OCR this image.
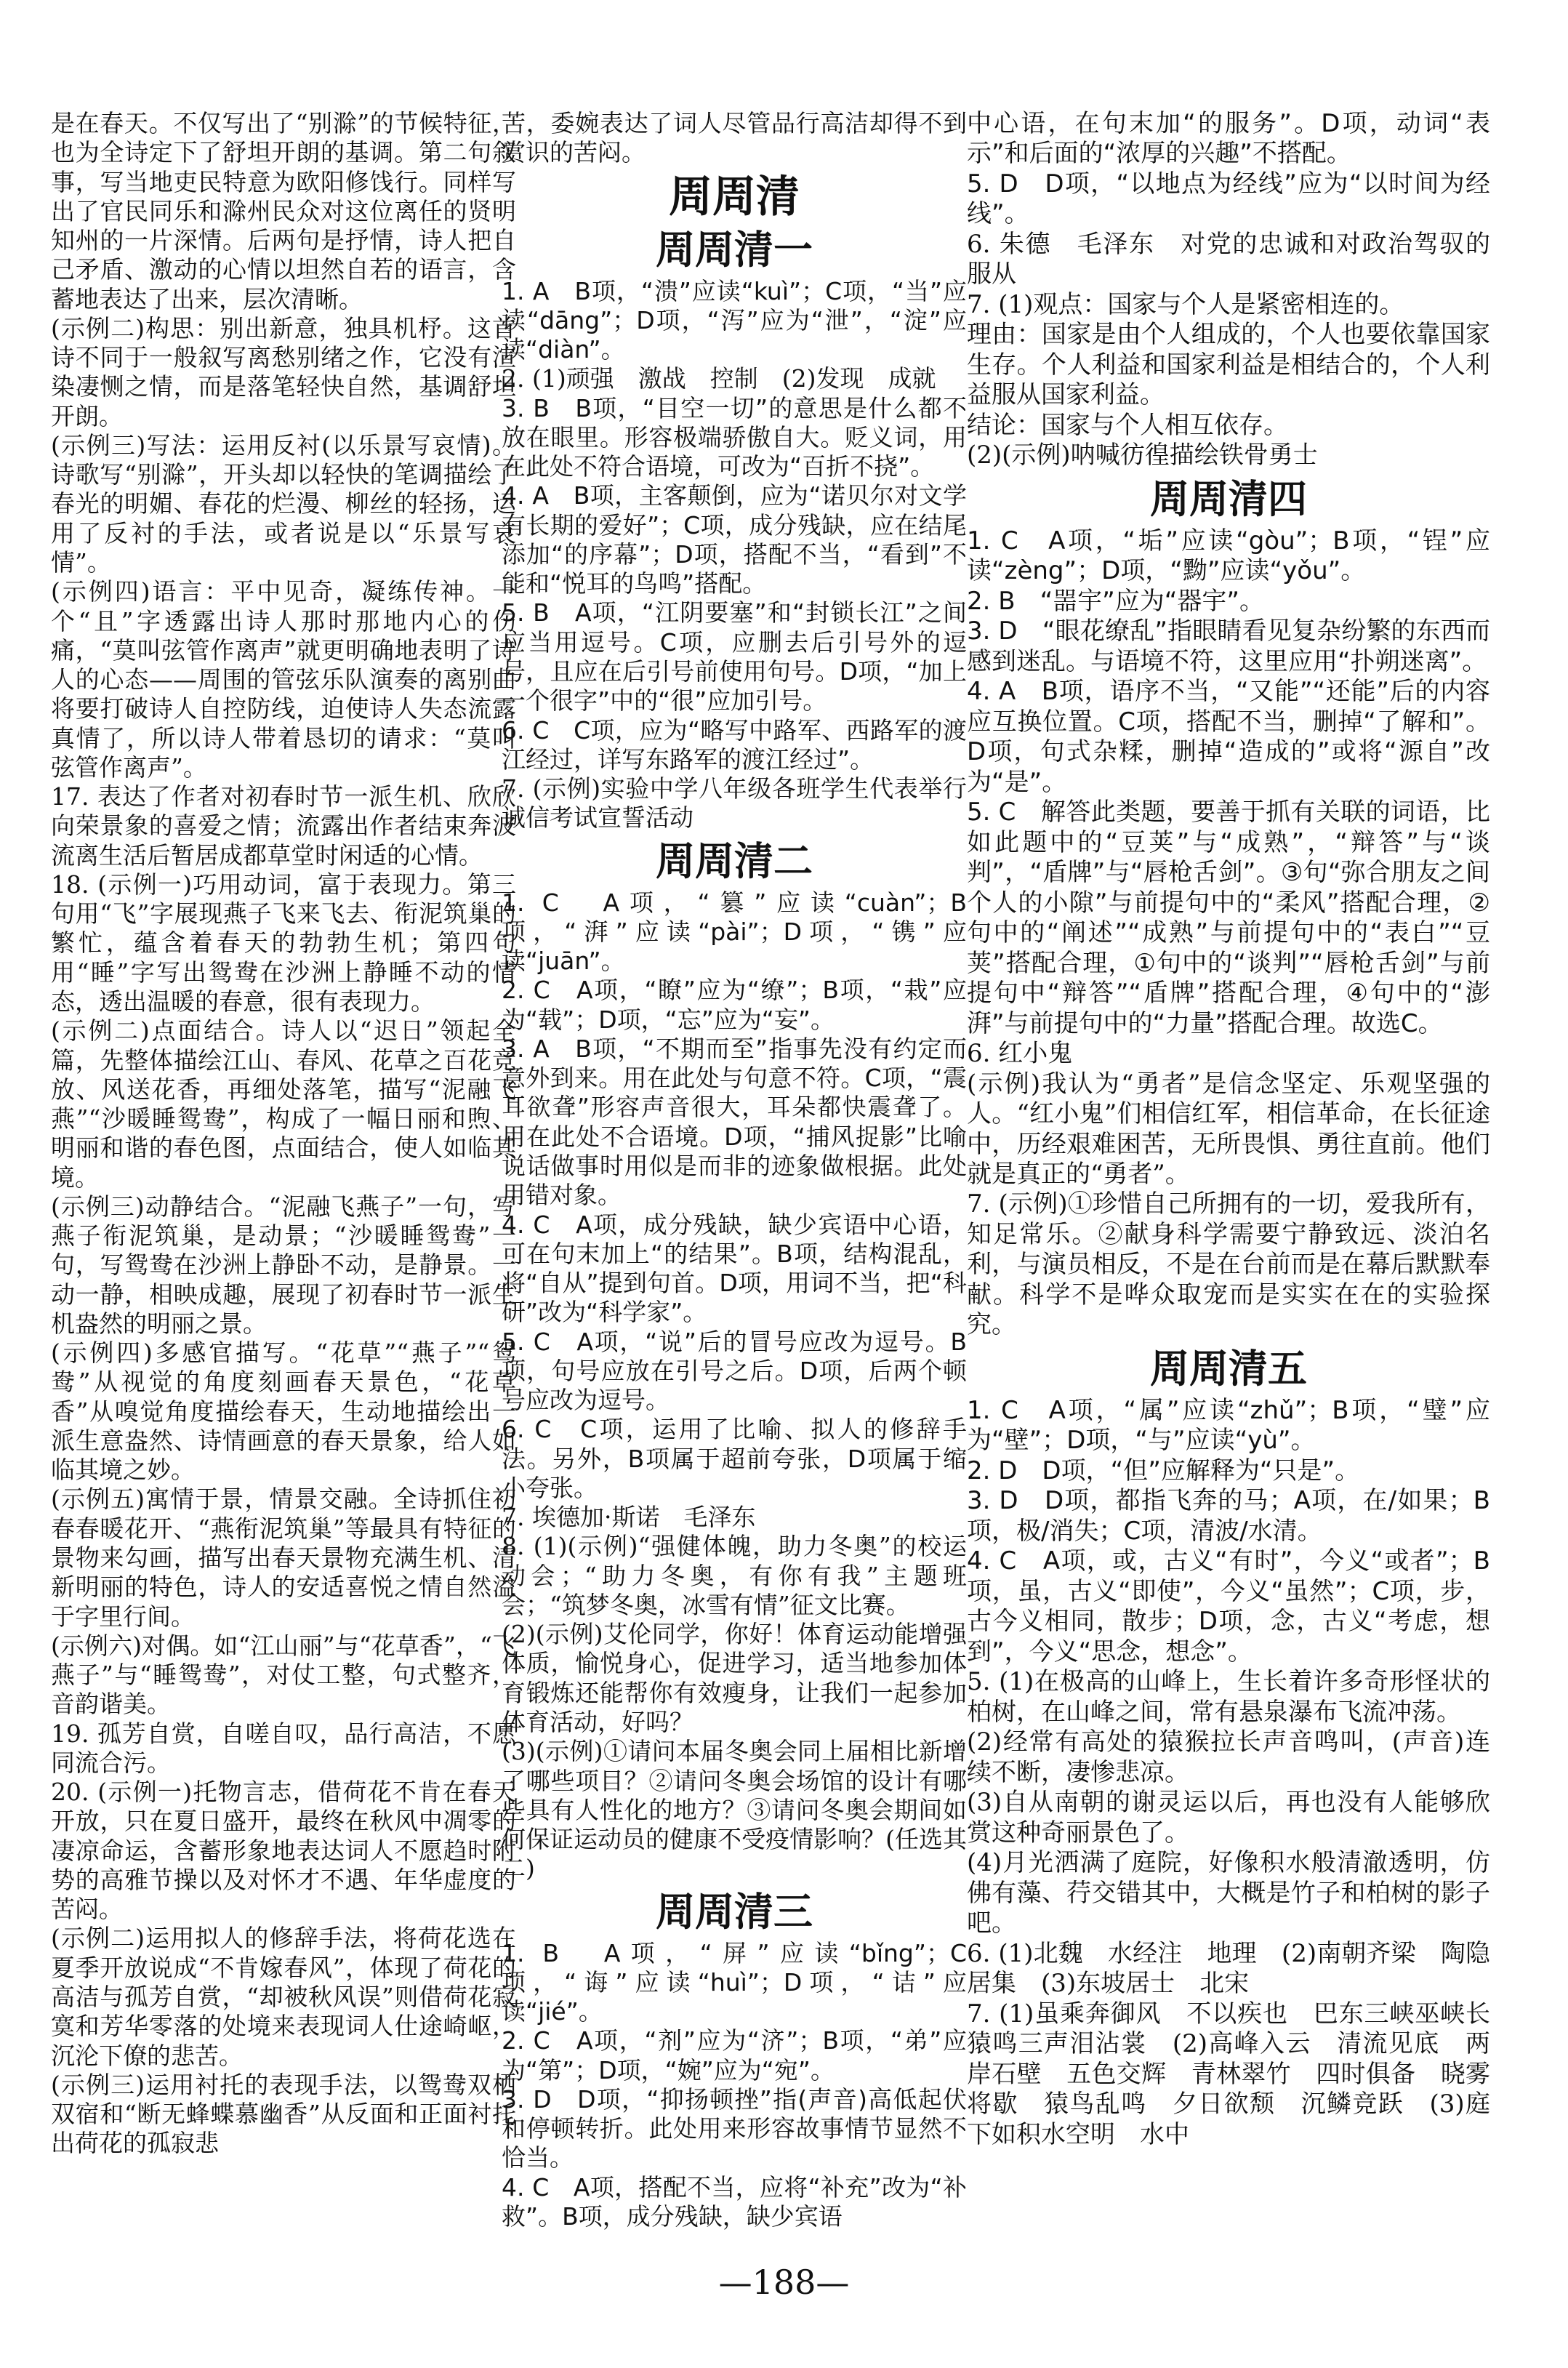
是在春天。不仅写出了“别滁”的节候特征，也为全诗定下了舒坦开朗的基调。第二句叙事，写当地吏民特意为欧阳修饯行。同样写出了官民同乐和滁州民众对这位离任的贤明知州的一片深情。后两句是抒情，诗人把自己矛盾、激动的心情以坦然自若的语言，含蓄地表达了出来，层次清晰。

(示例二)构思：别出新意，独具机杼。这首诗不同于一般叙写离愁别绪之作，它没有渲染凄恻之情，而是落笔轻快自然，基调舒坦开朗。

(示例三)写法：运用反衬(以乐景写哀情)。诗歌写“别滁”，开头却以轻快的笔调描绘了春光的明媚、春花的烂漫、柳丝的轻扬，运用了反衬的手法，或者说是以“乐景写哀情”。

(示例四)语言：平中见奇，凝练传神。一个“且”字透露出诗人那时那地内心的伤痛，“莫叫弦管作离声”就更明确地表明了诗人的心态——周围的管弦乐队演奏的离别曲将要打破诗人自控防线，迫使诗人失态流露真情了，所以诗人带着恳切的请求：“莫叫弦管作离声”。

17. 表达了作者对初春时节一派生机、欣欣向荣景象的喜爱之情；流露出作者结束奔波流离生活后暂居成都草堂时闲适的心情。

18. (示例一)巧用动词，富于表现力。第三句用“飞”字展现燕子飞来飞去、衔泥筑巢的繁忙，蕴含着春天的勃勃生机；第四句用“睡”字写出鸳鸯在沙洲上静睡不动的情态，透出温暖的春意，很有表现力。

(示例二)点面结合。诗人以“迟日”领起全篇，先整体描绘江山、春风、花草之百花竞放、风送花香，再细处落笔，描写“泥融飞燕”“沙暖睡鸳鸯”，构成了一幅日丽和煦、明丽和谐的春色图，点面结合，使人如临其境。

(示例三)动静结合。“泥融飞燕子”一句，写燕子衔泥筑巢，是动景；“沙暖睡鸳鸯”一句，写鸳鸯在沙洲上静卧不动，是静景。一动一静，相映成趣，展现了初春时节一派生机盎然的明丽之景。

(示例四)多感官描写。“花草”“燕子”“鸳鸯”从视觉的角度刻画春天景色，“花草香”从嗅觉角度描绘春天，生动地描绘出一派生意盎然、诗情画意的春天景象，给人如临其境之妙。

(示例五)寓情于景，情景交融。全诗抓住初春春暖花开、“燕衔泥筑巢”等最具有特征的景物来勾画，描写出春天景物充满生机、清新明丽的特色，诗人的安适喜悦之情自然溢于字里行间。

(示例六)对偶。如“江山丽”与“花草香”，“飞燕子”与“睡鸳鸯”，对仗工整，句式整齐，音韵谐美。

19. 孤芳自赏，自嗟自叹，品行高洁，不愿同流合污。

20. (示例一)托物言志，借荷花不肯在春天开放，只在夏日盛开，最终在秋风中凋零的凄凉命运，含蓄形象地表达词人不愿趋时附势的高雅节操以及对怀才不遇、年华虚度的苦闷。

(示例二)运用拟人的修辞手法，将荷花选在夏季开放说成“不肯嫁春风”，体现了荷花的高洁与孤芳自赏，“却被秋风误”则借荷花寂寞和芳华零落的处境来表现词人仕途崎岖，沉沦下僚的悲苦。

(示例三)运用衬托的表现手法，以鸳鸯双栖双宿和“断无蜂蝶慕幽香”从反面和正面衬托出荷花的孤寂悲

苦，委婉表达了词人尽管品行高洁却得不到赏识的苦闷。

周周清
周周清一

1. A　B项，“溃”应读“kuì”；C项，“当”应读“dāng”；D项，“泻”应为“泄”，“淀”应读“diàn”。

2. (1)顽强　激战　控制　(2)发现　成就

3. B　B项，“目空一切”的意思是什么都不放在眼里。形容极端骄傲自大。贬义词，用在此处不符合语境，可改为“百折不挠”。

4. A　B项，主客颠倒，应为“诺贝尔对文学有长期的爱好”；C项，成分残缺，应在结尾添加“的序幕”；D项，搭配不当，“看到”不能和“悦耳的鸟鸣”搭配。

5. B　A项，“江阴要塞”和“封锁长江”之间应当用逗号。C项，应删去后引号外的逗号，且应在后引号前使用句号。D项，“加上一个很字”中的“很”应加引号。

6. C　C项，应为“略写中路军、西路军的渡江经过，详写东路军的渡江经过”。

7. (示例)实验中学八年级各班学生代表举行诚信考试宣誓活动

周周清二

1. C　A项，“篡”应读“cuàn”；B项，“湃”应读“pài”；D项，“镌”应读“juān”。

2. C　A项，“瞭”应为“缭”；B项，“栽”应为“载”；D项，“忘”应为“妄”。

3. A　B项，“不期而至”指事先没有约定而意外到来。用在此处与句意不符。C项，“震耳欲聋”形容声音很大，耳朵都快震聋了。用在此处不合语境。D项，“捕风捉影”比喻说话做事时用似是而非的迹象做根据。此处用错对象。

4. C　A项，成分残缺，缺少宾语中心语，可在句末加上“的结果”。B项，结构混乱，将“自从”提到句首。D项，用词不当，把“科研”改为“科学家”。

5. C　A项，“说”后的冒号应改为逗号。B项，句号应放在引号之后。D项，后两个顿号应改为逗号。

6. C　C项，运用了比喻、拟人的修辞手法。另外，B项属于超前夸张，D项属于缩小夸张。

7. 埃德加·斯诺　毛泽东

8. (1)(示例)“强健体魄，助力冬奥”的校运动会；“助力冬奥，有你有我”主题班会；“筑梦冬奥，冰雪有情”征文比赛。

(2)(示例)艾伦同学，你好！体育运动能增强体质，愉悦身心，促进学习，适当地参加体育锻炼还能帮你有效瘦身，让我们一起参加体育活动，好吗？

(3)(示例)①请问本届冬奥会同上届相比新增了哪些项目？②请问冬奥会场馆的设计有哪些具有人性化的地方？③请问冬奥会期间如何保证运动员的健康不受疫情影响？(任选其二)

周周清三

1. B　A项，“屏”应读“bǐng”；C项，“诲”应读“huì”；D项，“诘”应读“jié”。

2. C　A项，“剂”应为“济”；B项，“弟”应为“第”；D项，“婉”应为“宛”。

3. D　D项，“抑扬顿挫”指(声音)高低起伏和停顿转折。此处用来形容故事情节显然不恰当。

4. C　A项，搭配不当，应将“补充”改为“补救”。B项，成分残缺，缺少宾语

中心语，在句末加“的服务”。D项，动词“表示”和后面的“浓厚的兴趣”不搭配。

5. D　D项，“以地点为经线”应为“以时间为经线”。

6. 朱德　毛泽东　对党的忠诚和对政治驾驭的服从

7. (1)观点：国家与个人是紧密相连的。

理由：国家是由个人组成的，个人也要依靠国家生存。个人利益和国家利益是相结合的，个人利益服从国家利益。

结论：国家与个人相互依存。

(2)(示例)呐喊彷徨描绘铁骨勇士

周周清四

1. C　A项，“垢”应读“gòu”；B项，“锃”应读“zèng”；D项，“黝”应读“yǒu”。

2. B　“噐宇”应为“器宇”。

3. D　“眼花缭乱”指眼睛看见复杂纷繁的东西而感到迷乱。与语境不符，这里应用“扑朔迷离”。

4. A　B项，语序不当，“又能”“还能”后的内容应互换位置。C项，搭配不当，删掉“了解和”。D项，句式杂糅，删掉“造成的”或将“源自”改为“是”。

5. C　解答此类题，要善于抓有关联的词语，比如此题中的“豆荚”与“成熟”，“辩答”与“谈判”，“盾牌”与“唇枪舌剑”。③句“弥合朋友之间个人的小隙”与前提句中的“柔风”搭配合理，②句中的“阐述”“成熟”与前提句中的“表白”“豆荚”搭配合理，①句中的“谈判”“唇枪舌剑”与前提句中“辩答”“盾牌”搭配合理，④句中的“澎湃”与前提句中的“力量”搭配合理。故选C。

6. 红小鬼

(示例)我认为“勇者”是信念坚定、乐观坚强的人。“红小鬼”们相信红军，相信革命，在长征途中，历经艰难困苦，无所畏惧、勇往直前。他们就是真正的“勇者”。

7. (示例)①珍惜自己所拥有的一切，爱我所有，知足常乐。②献身科学需要宁静致远、淡泊名利，与演员相反，不是在台前而是在幕后默默奉献。科学不是哗众取宠而是实实在在的实验探究。

周周清五

1. C　A项，“属”应读“zhǔ”；B项，“璧”应为“壁”；D项，“与”应读“yù”。

2. D　D项，“但”应解释为“只是”。

3. D　D项，都指飞奔的马；A项，在/如果；B项，极/消失；C项，清波/水清。

4. C　A项，或，古义“有时”，今义“或者”；B项，虽，古义“即使”，今义“虽然”；C项，步，古今义相同，散步；D项，念，古义“考虑，想到”，今义“思念，想念”。

5. (1)在极高的山峰上，生长着许多奇形怪状的柏树，在山峰之间，常有悬泉瀑布飞流冲荡。

(2)经常有高处的猿猴拉长声音鸣叫，(声音)连续不断，凄惨悲凉。

(3)自从南朝的谢灵运以后，再也没有人能够欣赏这种奇丽景色了。

(4)月光洒满了庭院，好像积水般清澈透明，仿佛有藻、荇交错其中，大概是竹子和柏树的影子吧。

6. (1)北魏　水经注　地理　(2)南朝齐梁　陶隐居集　(3)东坡居士　北宋

7. (1)虽乘奔御风　不以疾也　巴东三峡巫峡长　猿鸣三声泪沾裳　(2)高峰入云　清流见底　两岸石壁　五色交辉　青林翠竹　四时俱备　晓雾将歇　猿鸟乱鸣　夕日欲颓　沉鳞竞跃　(3)庭下如积水空明　水中

—188—
